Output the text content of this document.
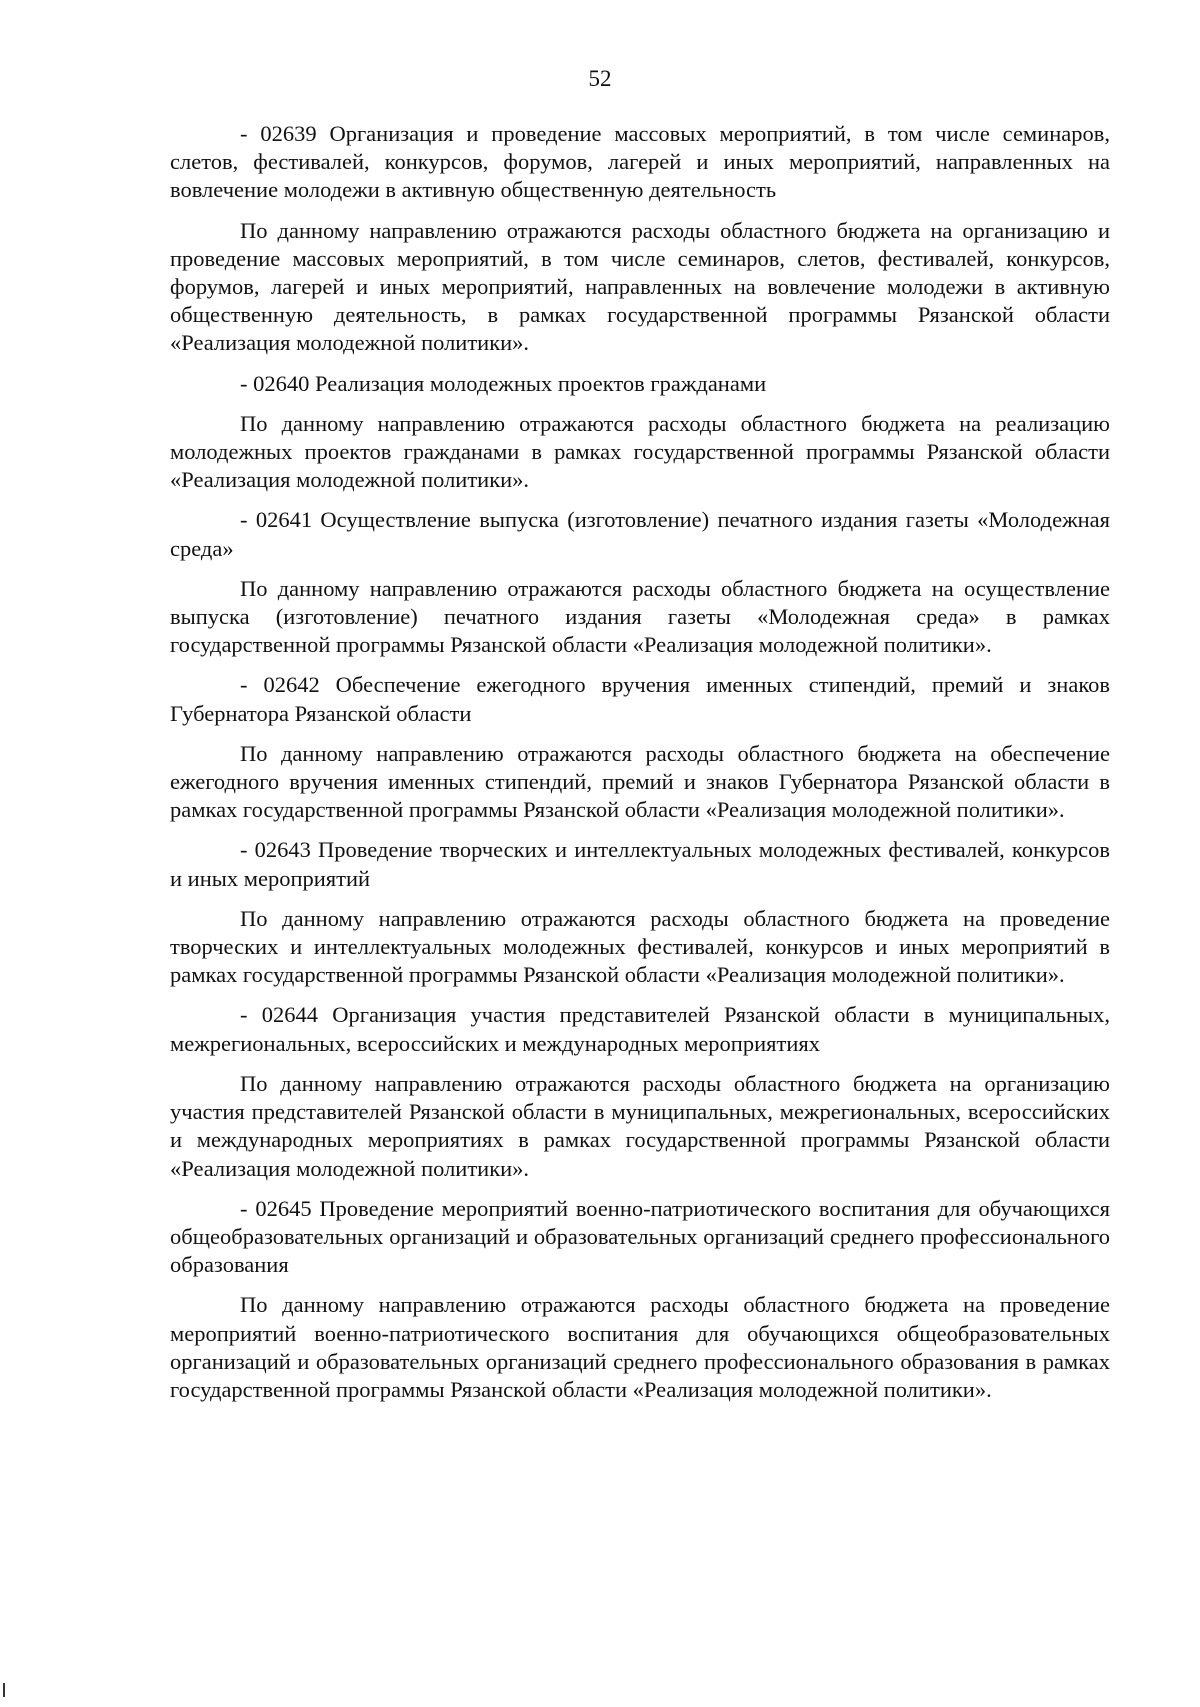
52

- 02639 Организация и проведение массовых мероприятий, в том числе семинаров, слетов, фестивалей, конкурсов, форумов, лагерей и иных мероприятий, направленных на вовлечение молодежи в активную общественную деятельность

По данному направлению отражаются расходы областного бюджета на организацию и проведение массовых мероприятий, в том числе семинаров, слетов, фестивалей, конкурсов, форумов, лагерей и иных мероприятий, направленных на вовлечение молодежи в активную общественную деятельность, в рамках государственной программы Рязанской области «Реализация молодежной политики».

- 02640 Реализация молодежных проектов гражданами

По данному направлению отражаются расходы областного бюджета на реализацию молодежных проектов гражданами в рамках государственной программы Рязанской области «Реализация молодежной политики».

- 02641 Осуществление выпуска (изготовление) печатного издания газеты «Молодежная среда»

По данному направлению отражаются расходы областного бюджета на осуществление выпуска (изготовление) печатного издания газеты «Молодежная среда» в рамках государственной программы Рязанской области «Реализация молодежной политики».

- 02642 Обеспечение ежегодного вручения именных стипендий, премий и знаков Губернатора Рязанской области

По данному направлению отражаются расходы областного бюджета на обеспечение ежегодного вручения именных стипендий, премий и знаков Губернатора Рязанской области в рамках государственной программы Рязанской области «Реализация молодежной политики».

- 02643 Проведение творческих и интеллектуальных молодежных фестивалей, конкурсов и иных мероприятий

По данному направлению отражаются расходы областного бюджета на проведение творческих и интеллектуальных молодежных фестивалей, конкурсов и иных мероприятий в рамках государственной программы Рязанской области «Реализация молодежной политики».

- 02644 Организация участия представителей Рязанской области в муниципальных, межрегиональных, всероссийских и международных мероприятиях

По данному направлению отражаются расходы областного бюджета на организацию участия представителей Рязанской области в муниципальных, межрегиональных, всероссийских и международных мероприятиях в рамках государственной программы Рязанской области «Реализация молодежной политики».

- 02645 Проведение мероприятий военно-патриотического воспитания для обучающихся общеобразовательных организаций и образовательных организаций среднего профессионального образования

По данному направлению отражаются расходы областного бюджета на проведение мероприятий военно-патриотического воспитания для обучающихся общеобразовательных организаций и образовательных организаций среднего профессионального образования в рамках государственной программы Рязанской области «Реализация молодежной политики».
